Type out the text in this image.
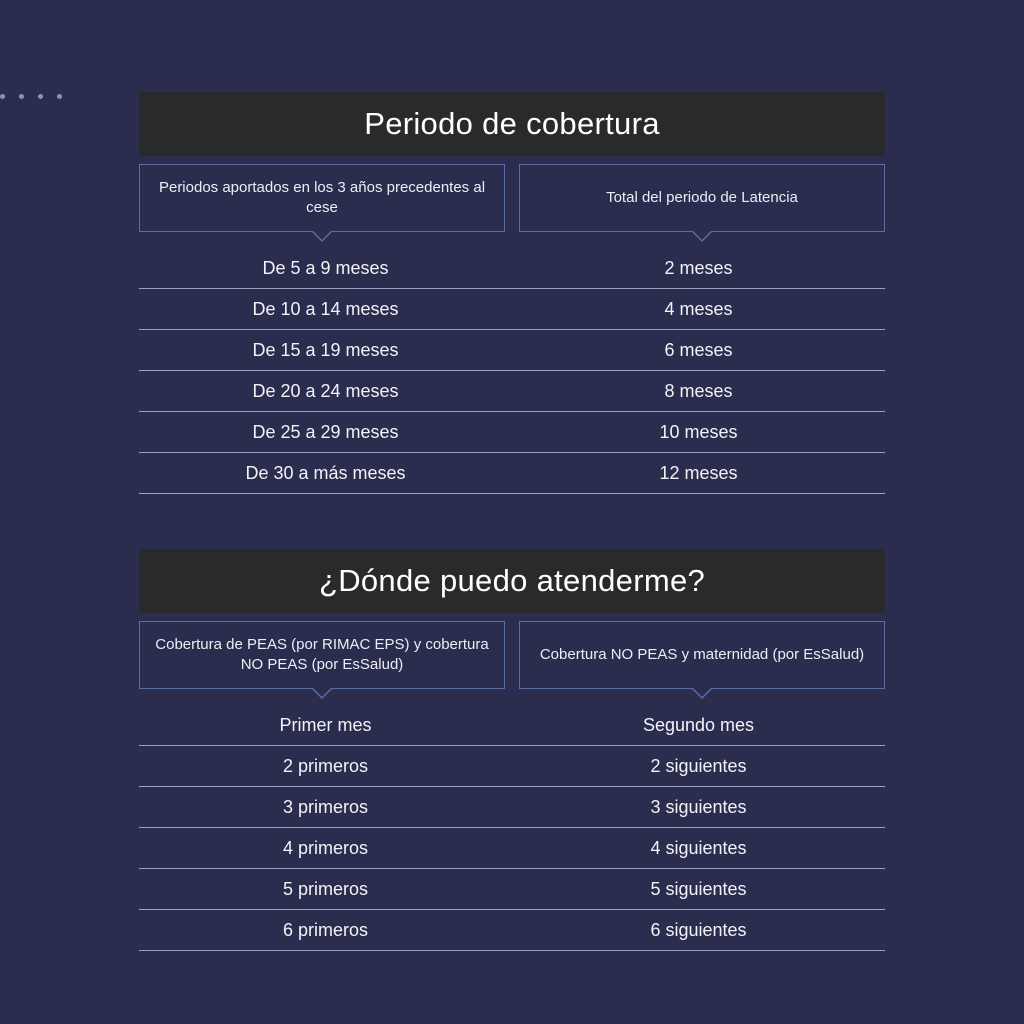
Periodo de cobertura
Periodos aportados en los 3 años precedentes al cese
Total del periodo de Latencia
De 5 a 9 meses	2 meses
De 10 a 14 meses	4 meses
De 15 a 19 meses	6 meses
De 20 a 24 meses	8 meses
De 25 a 29 meses	10 meses
De 30 a más meses	12 meses
¿Dónde puedo atenderme?
Cobertura de PEAS (por RIMAC EPS) y cobertura NO PEAS (por EsSalud)
Cobertura NO PEAS y maternidad (por EsSalud)
Primer mes	Segundo mes
2 primeros	2 siguientes
3 primeros	3 siguientes
4 primeros	4 siguientes
5 primeros	5 siguientes
6 primeros	6 siguientes
